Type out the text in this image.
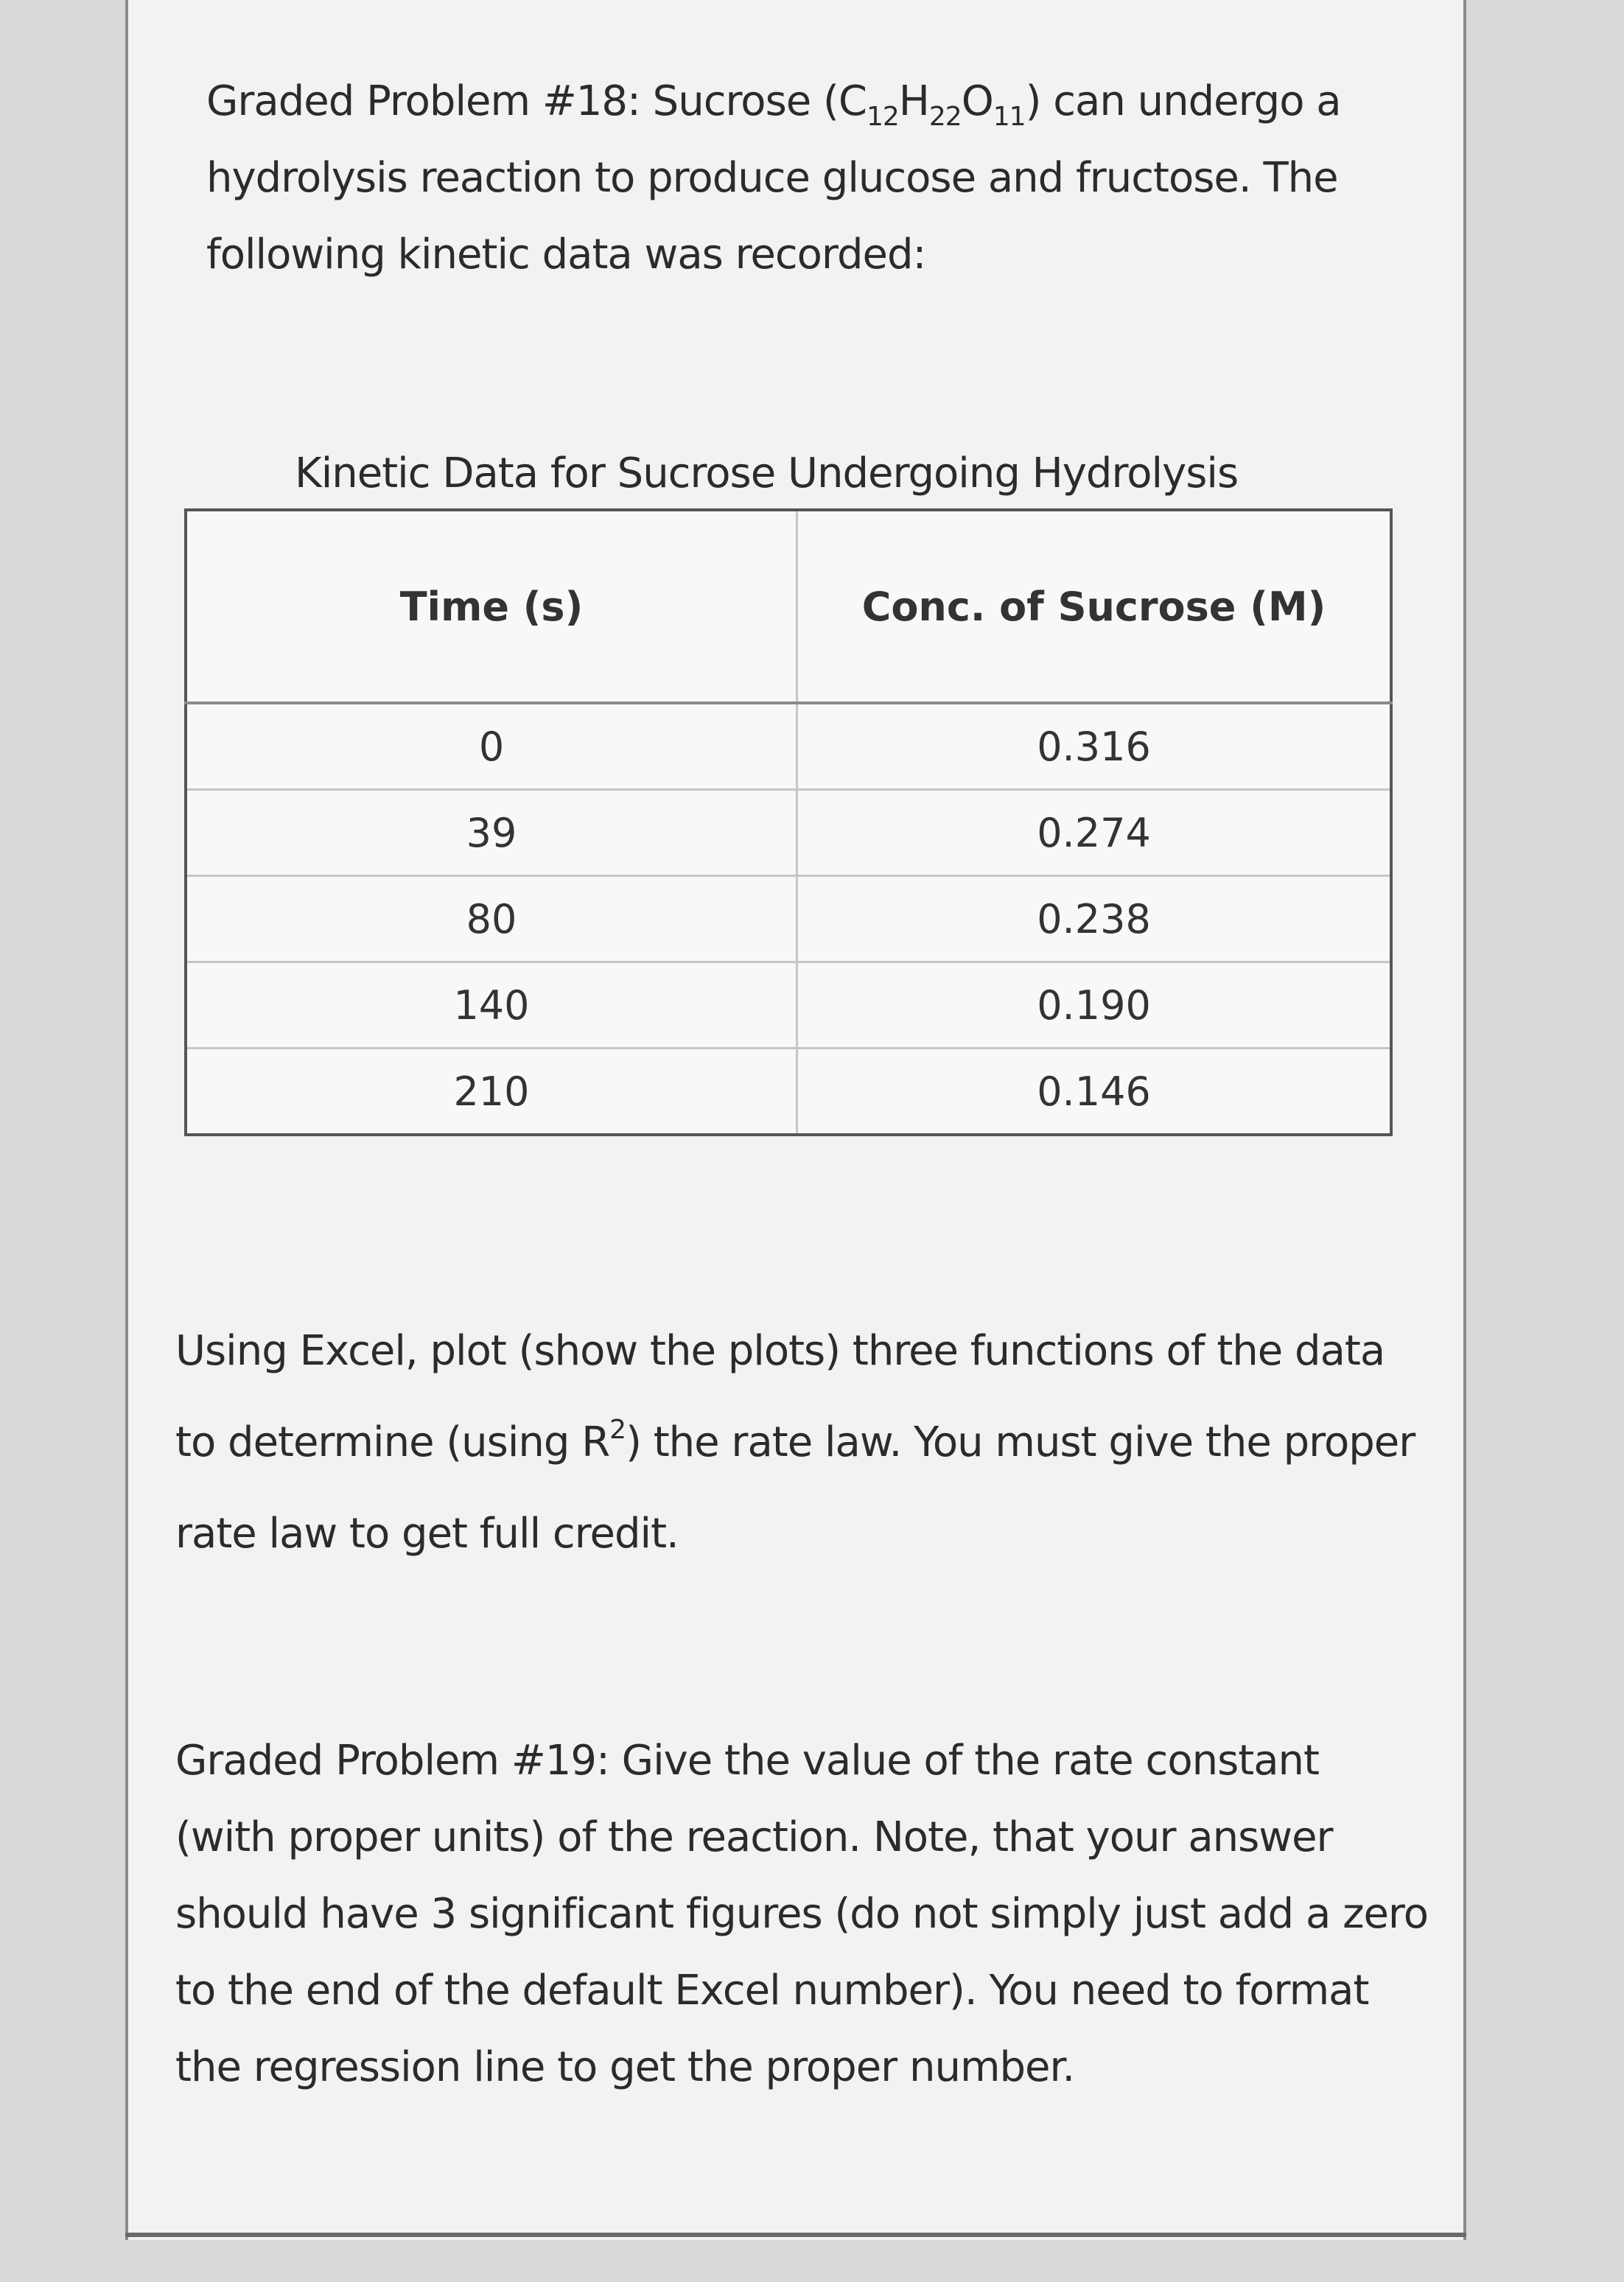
Graded Problem #18: Sucrose $(C_{12}H_{22}O_{11})$ can undergo a hydrolysis reaction to produce glucose and fructose. The following kinetic data was recorded:

Kinetic Data for Sucrose Undergoing Hydrolysis
Time (s)	Conc. of Sucrose (M)
0	0.316
39	0.274
80	0.238
140	0.190
210	0.146

Using Excel, plot (show the plots) three functions of the data to determine (using $R^2$) the rate law. You must give the proper rate law to get full credit.

Graded Problem #19: Give the value of the rate constant (with proper units) of the reaction. Note, that your answer should have 3 significant figures (do not simply just add a zero to the end of the default Excel number). You need to format the regression line to get the proper number.
